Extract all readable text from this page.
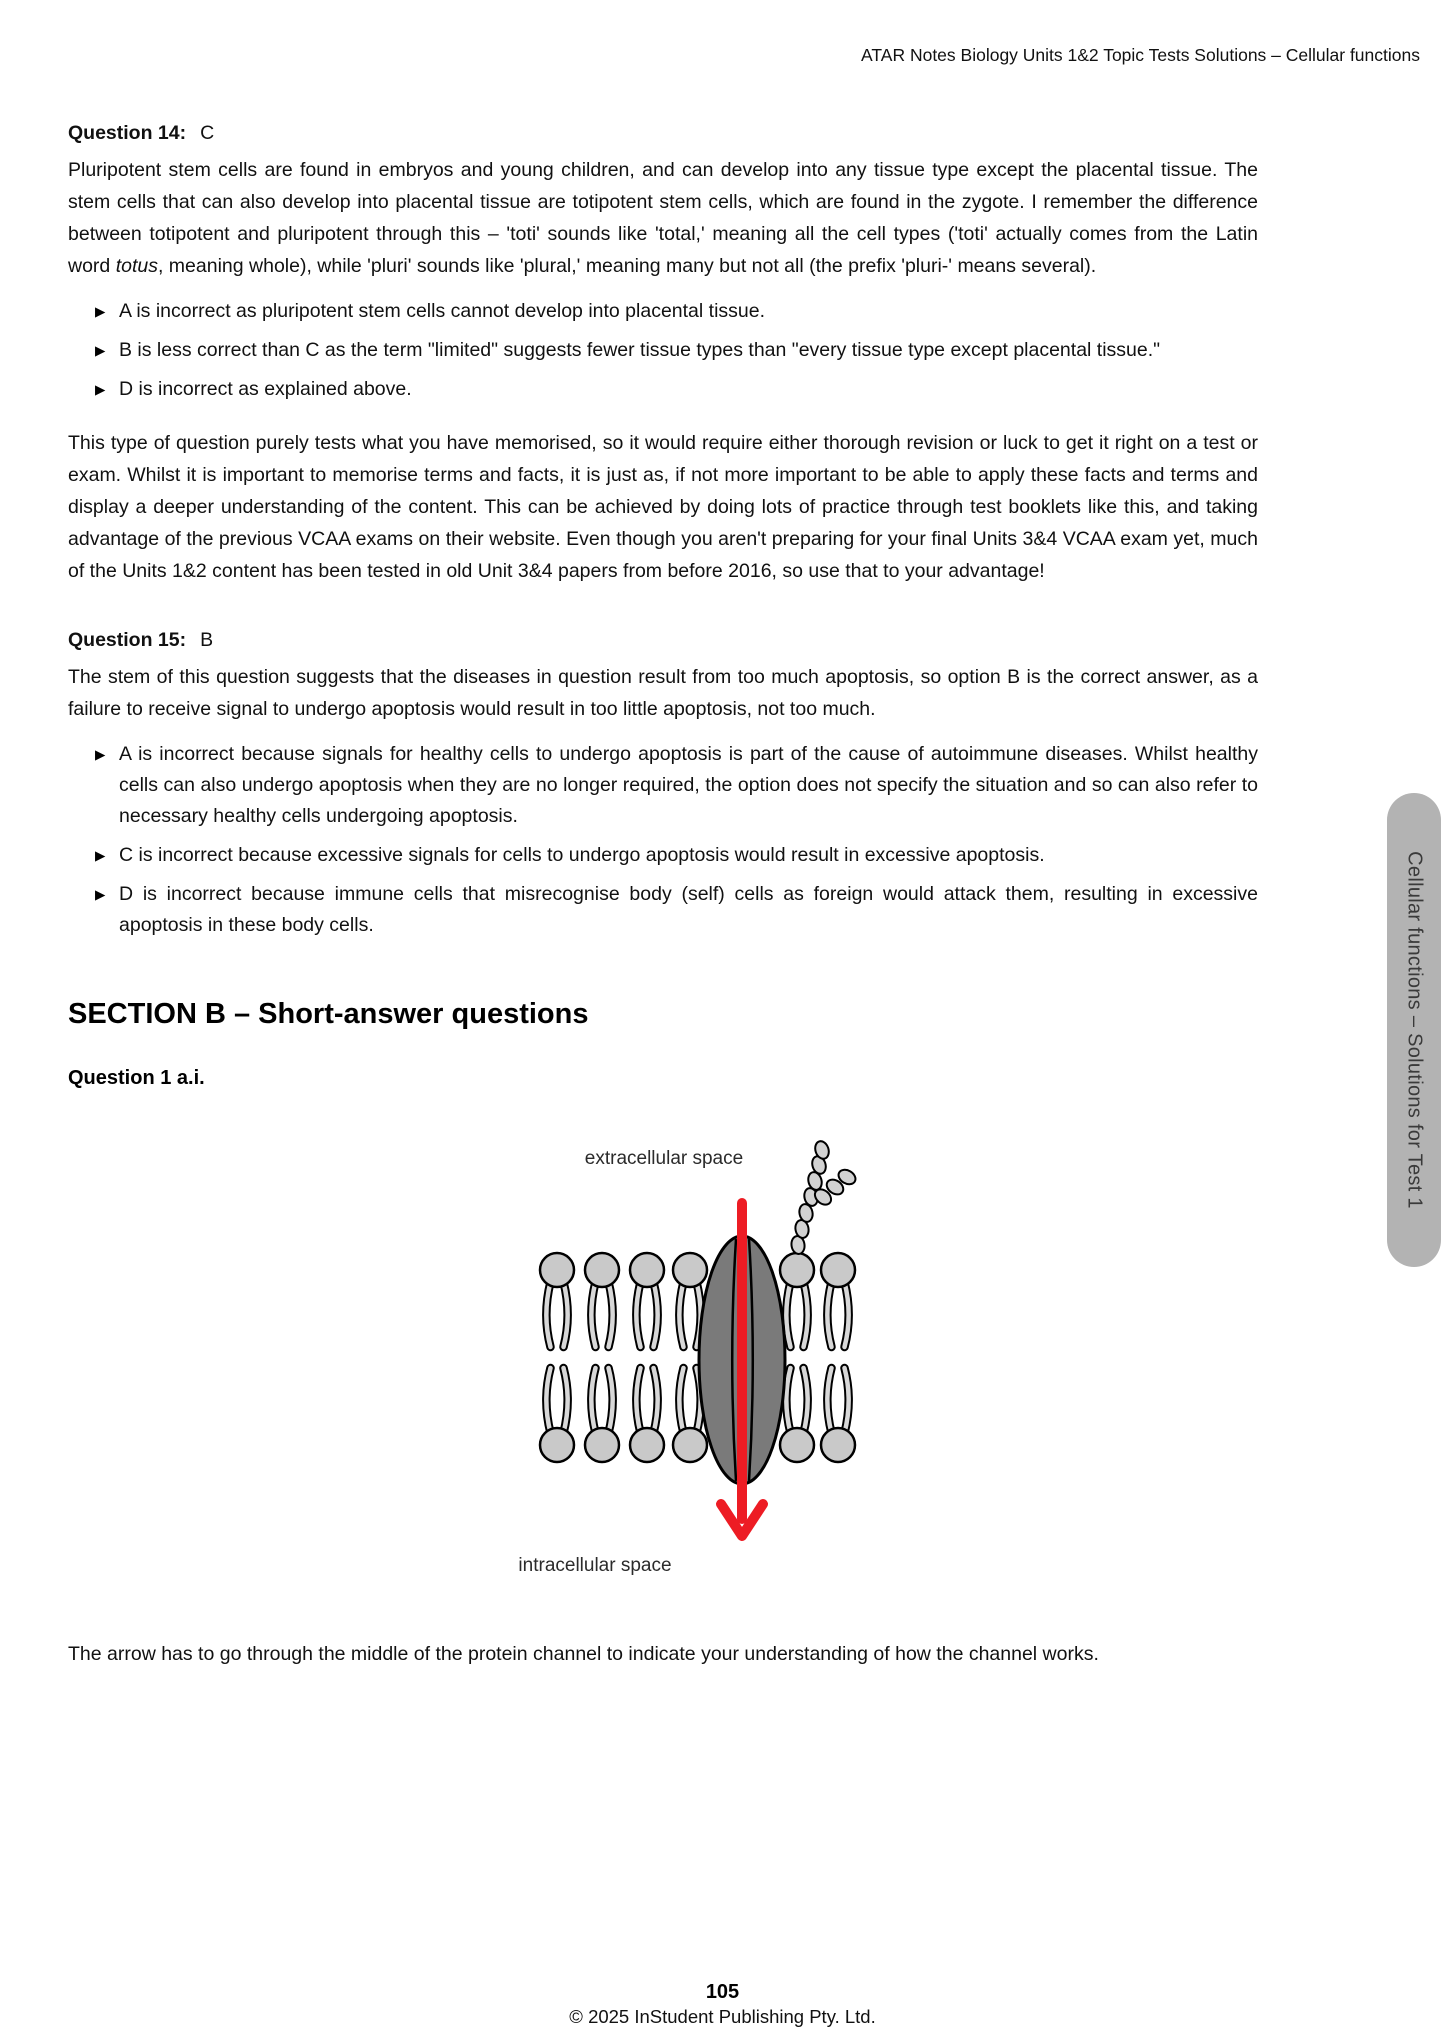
ATAR Notes Biology Units 1&2 Topic Tests Solutions – Cellular functions
Question 14: C

Pluripotent stem cells are found in embryos and young children, and can develop into any tissue type except the placental tissue. The stem cells that can also develop into placental tissue are totipotent stem cells, which are found in the zygote. I remember the difference between totipotent and pluripotent through this – 'toti' sounds like 'total,' meaning all the cell types ('toti' actually comes from the Latin word totus, meaning whole), while 'pluri' sounds like 'plural,' meaning many but not all (the prefix 'pluri-' means several).

▶ A is incorrect as pluripotent stem cells cannot develop into placental tissue.
▶ B is less correct than C as the term "limited" suggests fewer tissue types than "every tissue type except placental tissue."
▶ D is incorrect as explained above.

This type of question purely tests what you have memorised, so it would require either thorough revision or luck to get it right on a test or exam. Whilst it is important to memorise terms and facts, it is just as, if not more important to be able to apply these facts and terms and display a deeper understanding of the content. This can be achieved by doing lots of practice through test booklets like this, and taking advantage of the previous VCAA exams on their website. Even though you aren't preparing for your final Units 3&4 VCAA exam yet, much of the Units 1&2 content has been tested in old Unit 3&4 papers from before 2016, so use that to your advantage!

Question 15: B

The stem of this question suggests that the diseases in question result from too much apoptosis, so option B is the correct answer, as a failure to receive signal to undergo apoptosis would result in too little apoptosis, not too much.

▶ A is incorrect because signals for healthy cells to undergo apoptosis is part of the cause of autoimmune diseases. Whilst healthy cells can also undergo apoptosis when they are no longer required, the option does not specify the situation and so can also refer to necessary healthy cells undergoing apoptosis.
▶ C is incorrect because excessive signals for cells to undergo apoptosis would result in excessive apoptosis.
▶ D is incorrect because immune cells that misrecognise body (self) cells as foreign would attack them, resulting in excessive apoptosis in these body cells.
SECTION B – Short-answer questions
Question 1 a.i.
extracellular space
intracellular space

The arrow has to go through the middle of the protein channel to indicate your understanding of how the channel works.

Cellular functions – Solutions for Test 1
105
© 2025 InStudent Publishing Pty. Ltd.
